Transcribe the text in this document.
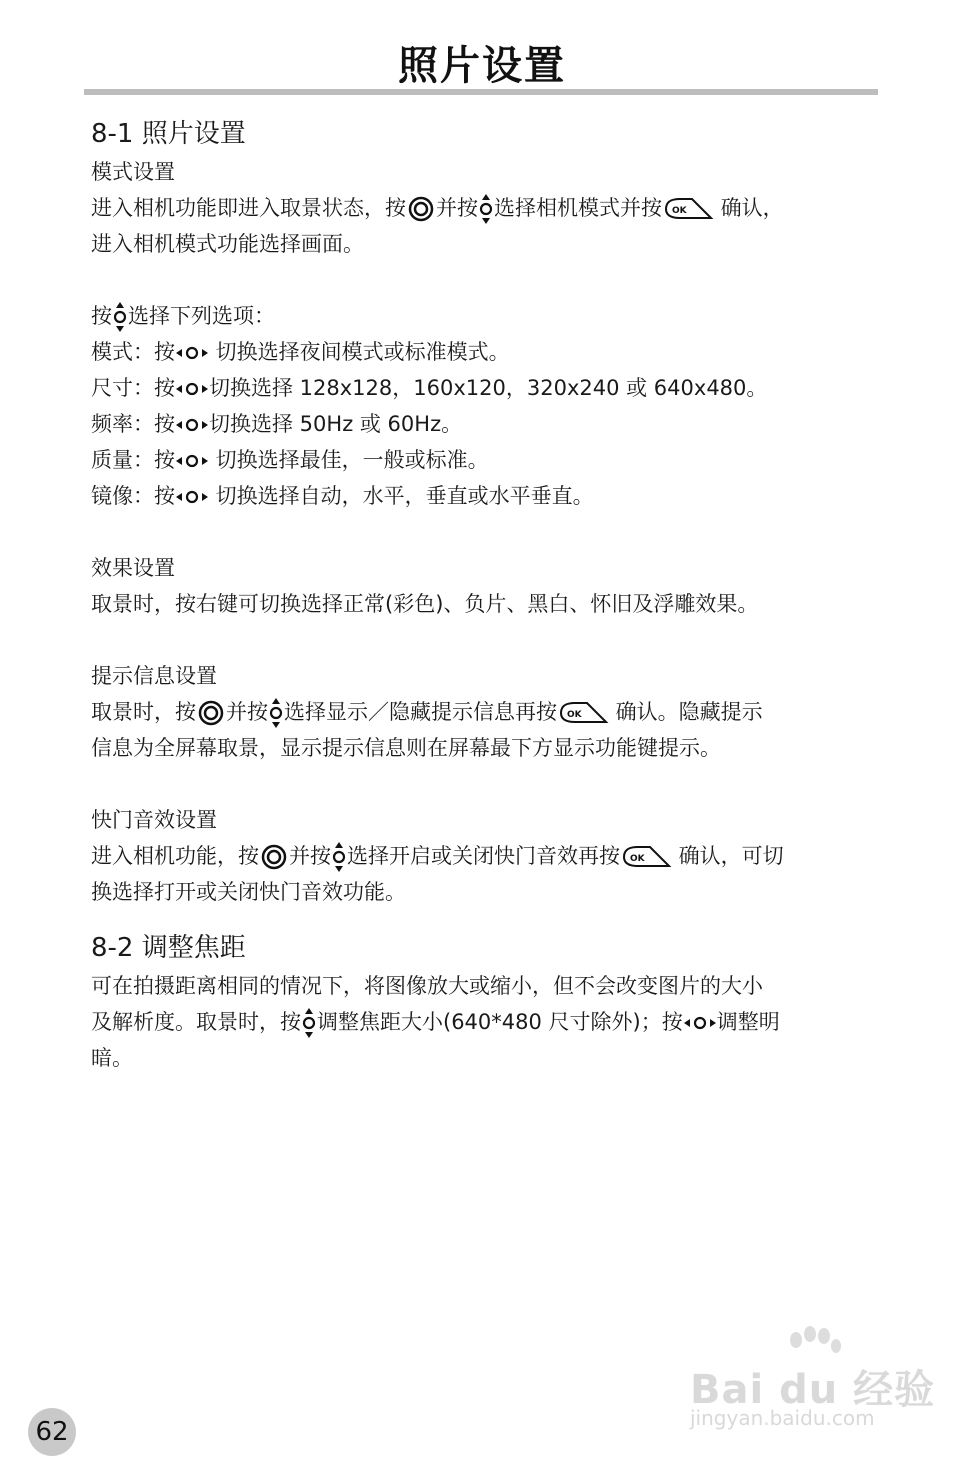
照片设置
8-1 照片设置
模式设置
进入相机功能即进入取景状态，按 并按 选择相机模式并按 OK 确认，
进入相机模式功能选择画面。
按 选择下列选项：
模式：按
切换选择夜间模式或标准模式。
尺寸：按 切换选择 128x128，160x120，320x240 或 640x480。
频率：按 切换选择 50Hz 或 60Hz。
质量：按
切换选择最佳，一般或标准。
镜像：按
切换选择自动，水平，垂直或水平垂直。
效果设置
取景时，按右键可切换选择正常(彩色)、负片、黑白、怀旧及浮雕效果。
提示信息设置
取景时，按 并按 选择显示／隐藏提示信息再按 OK 确认。隐藏提示
信息为全屏幕取景，显示提示信息则在屏幕最下方显示功能键提示。
快门音效设置
进入相机功能，按 并按 选择开启或关闭快门音效再按 OK 确认，可切
换选择打开或关闭快门音效功能。
8-2 调整焦距
可在拍摄距离相同的情况下，将图像放大或缩小，但不会改变图片的大小
及解析度。取景时，按 调整焦距大小(640*480 尺寸除外)；按 调整明
暗。
Bai du 经验
jingyan.baidu.com
62
